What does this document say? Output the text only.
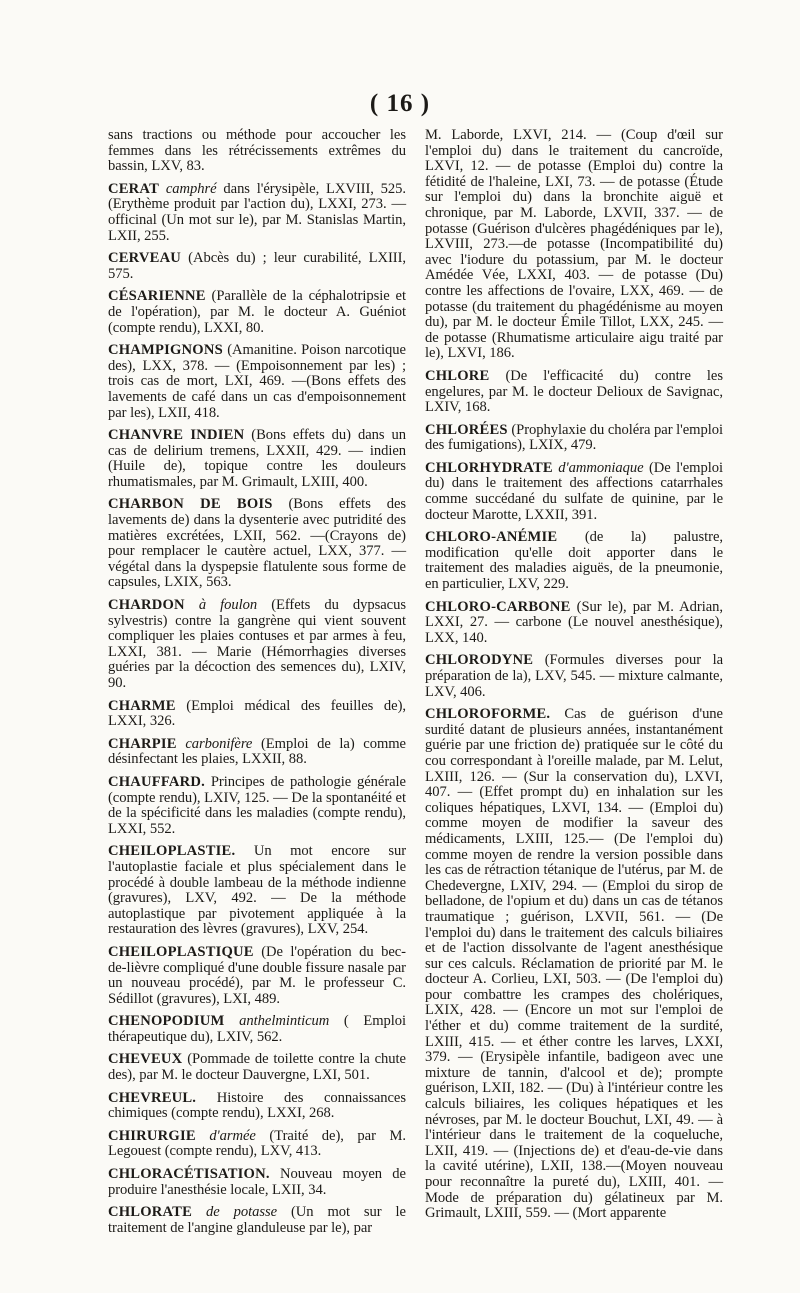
( 16 )

sans tractions ou méthode pour accoucher les femmes dans les rétrécissements extrêmes du bassin, LXV, 83.

CERAT camphré dans l'érysipèle, LXVIII, 525. (Erythème produit par l'action du), LXXI, 273. — officinal (Un mot sur le), par M. Stanislas Martin, LXII, 255.

CERVEAU (Abcès du) ; leur curabilité, LXIII, 575.

CÉSARIENNE (Parallèle de la céphalotripsie et de l'opération), par M. le docteur A. Guéniot (compte rendu), LXXI, 80.

CHAMPIGNONS (Amanitine. Poison narcotique des), LXX, 378. — (Empoisonnement par les) ; trois cas de mort, LXI, 469. —(Bons effets des lavements de café dans un cas d'empoisonnement par les), LXII, 418.

CHANVRE INDIEN (Bons effets du) dans un cas de delirium tremens, LXXII, 429. — indien (Huile de), topique contre les douleurs rhumatismales, par M. Grimault, LXIII, 400.

CHARBON DE BOIS (Bons effets des lavements de) dans la dysenterie avec putridité des matières excrétées, LXII, 562. —(Crayons de) pour remplacer le cautère actuel, LXX, 377. — végétal dans la dyspepsie flatulente sous forme de capsules, LXIX, 563.

CHARDON à foulon (Effets du dypsacus sylvestris) contre la gangrène qui vient souvent compliquer les plaies contuses et par armes à feu, LXXI, 381. — Marie (Hémorrhagies diverses guéries par la décoction des semences du), LXIV, 90.

CHARME (Emploi médical des feuilles de), LXXI, 326.

CHARPIE carbonifère (Emploi de la) comme désinfectant les plaies, LXXII, 88.

CHAUFFARD. Principes de pathologie générale (compte rendu), LXIV, 125. — De la spontanéité et de la spécificité dans les maladies (compte rendu), LXXI, 552.

CHEILOPLASTIE. Un mot encore sur l'autoplastie faciale et plus spécialement dans le procédé à double lambeau de la méthode indienne (gravures), LXV, 492. — De la méthode autoplastique par pivotement appliquée à la restauration des lèvres (gravures), LXV, 254.

CHEILOPLASTIQUE (De l'opération du bec-de-lièvre compliqué d'une double fissure nasale par un nouveau procédé), par M. le professeur C. Sédillot (gravures), LXI, 489.

CHENOPODIUM anthelminticum ( Emploi thérapeutique du), LXIV, 562.

CHEVEUX (Pommade de toilette contre la chute des), par M. le docteur Dauvergne, LXI, 501.

CHEVREUL. Histoire des connaissances chimiques (compte rendu), LXXI, 268.

CHIRURGIE d'armée (Traité de), par M. Legouest (compte rendu), LXV, 413.

CHLORACÉTISATION. Nouveau moyen de produire l'anesthésie locale, LXII, 34.

CHLORATE de potasse (Un mot sur le traitement de l'angine glanduleuse par le), par

M. Laborde, LXVI, 214. — (Coup d'œil sur l'emploi du) dans le traitement du cancroïde, LXVI, 12. — de potasse (Emploi du) contre la fétidité de l'haleine, LXI, 73. — de potasse (Étude sur l'emploi du) dans la bronchite aiguë et chronique, par M. Laborde, LXVII, 337. — de potasse (Guérison d'ulcères phagédéniques par le), LXVIII, 273.—de potasse (Incompatibilité du) avec l'iodure du potassium, par M. le docteur Amédée Vée, LXXI, 403. — de potasse (Du) contre les affections de l'ovaire, LXX, 469. — de potasse (du traitement du phagédénisme au moyen du), par M. le docteur Émile Tillot, LXX, 245. — de potasse (Rhumatisme articulaire aigu traité par le), LXVI, 186.

CHLORE (De l'efficacité du) contre les engelures, par M. le docteur Delioux de Savignac, LXIV, 168.

CHLORÉES (Prophylaxie du choléra par l'emploi des fumigations), LXIX, 479.

CHLORHYDRATE d'ammoniaque (De l'emploi du) dans le traitement des affections catarrhales comme succédané du sulfate de quinine, par le docteur Marotte, LXXII, 391.

CHLORO-ANÉMIE (de la) palustre, modification qu'elle doit apporter dans le traitement des maladies aiguës, de la pneumonie, en particulier, LXV, 229.

CHLORO-CARBONE (Sur le), par M. Adrian, LXXI, 27. — carbone (Le nouvel anesthésique), LXX, 140.

CHLORODYNE (Formules diverses pour la préparation de la), LXV, 545. — mixture calmante, LXV, 406.

CHLOROFORME. Cas de guérison d'une surdité datant de plusieurs années, instantanément guérie par une friction de) pratiquée sur le côté du cou correspondant à l'oreille malade, par M. Lelut, LXIII, 126. — (Sur la conservation du), LXVI, 407. — (Effet prompt du) en inhalation sur les coliques hépatiques, LXVI, 134. — (Emploi du) comme moyen de modifier la saveur des médicaments, LXIII, 125.— (De l'emploi du) comme moyen de rendre la version possible dans les cas de rétraction tétanique de l'utérus, par M. de Chedevergne, LXIV, 294. — (Emploi du sirop de belladone, de l'opium et du) dans un cas de tétanos traumatique ; guérison, LXVII, 561. — (De l'emploi du) dans le traitement des calculs biliaires et de l'action dissolvante de l'agent anesthésique sur ces calculs. Réclamation de priorité par M. le docteur A. Corlieu, LXI, 503. — (De l'emploi du) pour combattre les crampes des cholériques, LXIX, 428. — (Encore un mot sur l'emploi de l'éther et du) comme traitement de la surdité, LXIII, 415. — et éther contre les larves, LXXI, 379. — (Erysipèle infantile, badigeon avec une mixture de tannin, d'alcool et de); prompte guérison, LXII, 182. — (Du) à l'intérieur contre les calculs biliaires, les coliques hépatiques et les névroses, par M. le docteur Bouchut, LXI, 49. — à l'intérieur dans le traitement de la coqueluche, LXII, 419. — (Injections de) et d'eau-de-vie dans la cavité utérine), LXII, 138.—(Moyen nouveau pour reconnaître la pureté du), LXIII, 401. — Mode de préparation du) gélatineux par M. Grimault, LXIII, 559. — (Mort apparente
